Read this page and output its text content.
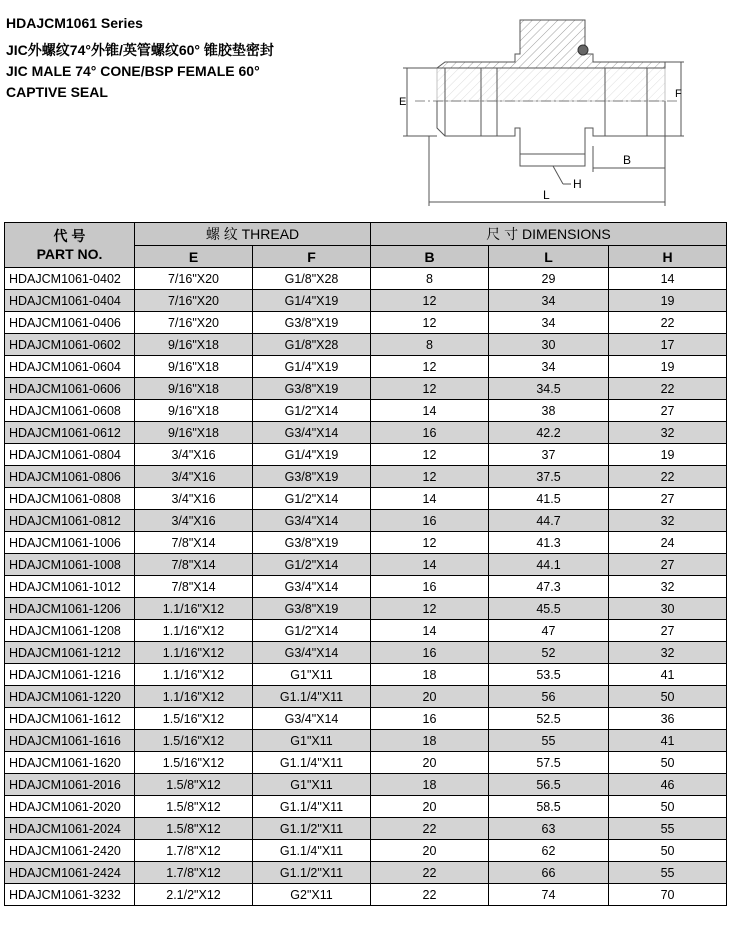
HDAJCM1061 Series
JIC外螺纹74°外锥/英管螺纹60° 锥胶垫密封
JIC MALE 74° CONE/BSP FEMALE 60°
CAPTIVE SEAL
E
F
B
L
H
代 号
PART NO.	螺 纹 THREAD		尺 寸 DIMENSIONS		
	E	F	B	L	H
HDAJCM1061-0402	7/16"X20	G1/8"X28	8	29	14
HDAJCM1061-0404	7/16"X20	G1/4"X19	12	34	19
HDAJCM1061-0406	7/16"X20	G3/8"X19	12	34	22
HDAJCM1061-0602	9/16"X18	G1/8"X28	8	30	17
HDAJCM1061-0604	9/16"X18	G1/4"X19	12	34	19
HDAJCM1061-0606	9/16"X18	G3/8"X19	12	34.5	22
HDAJCM1061-0608	9/16"X18	G1/2"X14	14	38	27
HDAJCM1061-0612	9/16"X18	G3/4"X14	16	42.2	32
HDAJCM1061-0804	3/4"X16	G1/4"X19	12	37	19
HDAJCM1061-0806	3/4"X16	G3/8"X19	12	37.5	22
HDAJCM1061-0808	3/4"X16	G1/2"X14	14	41.5	27
HDAJCM1061-0812	3/4"X16	G3/4"X14	16	44.7	32
HDAJCM1061-1006	7/8"X14	G3/8"X19	12	41.3	24
HDAJCM1061-1008	7/8"X14	G1/2"X14	14	44.1	27
HDAJCM1061-1012	7/8"X14	G3/4"X14	16	47.3	32
HDAJCM1061-1206	1.1/16"X12	G3/8"X19	12	45.5	30
HDAJCM1061-1208	1.1/16"X12	G1/2"X14	14	47	27
HDAJCM1061-1212	1.1/16"X12	G3/4"X14	16	52	32
HDAJCM1061-1216	1.1/16"X12	G1"X11	18	53.5	41
HDAJCM1061-1220	1.1/16"X12	G1.1/4"X11	20	56	50
HDAJCM1061-1612	1.5/16"X12	G3/4"X14	16	52.5	36
HDAJCM1061-1616	1.5/16"X12	G1"X11	18	55	41
HDAJCM1061-1620	1.5/16"X12	G1.1/4"X11	20	57.5	50
HDAJCM1061-2016	1.5/8"X12	G1"X11	18	56.5	46
HDAJCM1061-2020	1.5/8"X12	G1.1/4"X11	20	58.5	50
HDAJCM1061-2024	1.5/8"X12	G1.1/2"X11	22	63	55
HDAJCM1061-2420	1.7/8"X12	G1.1/4"X11	20	62	50
HDAJCM1061-2424	1.7/8"X12	G1.1/2"X11	22	66	55
HDAJCM1061-3232	2.1/2"X12	G2"X11	22	74	70
